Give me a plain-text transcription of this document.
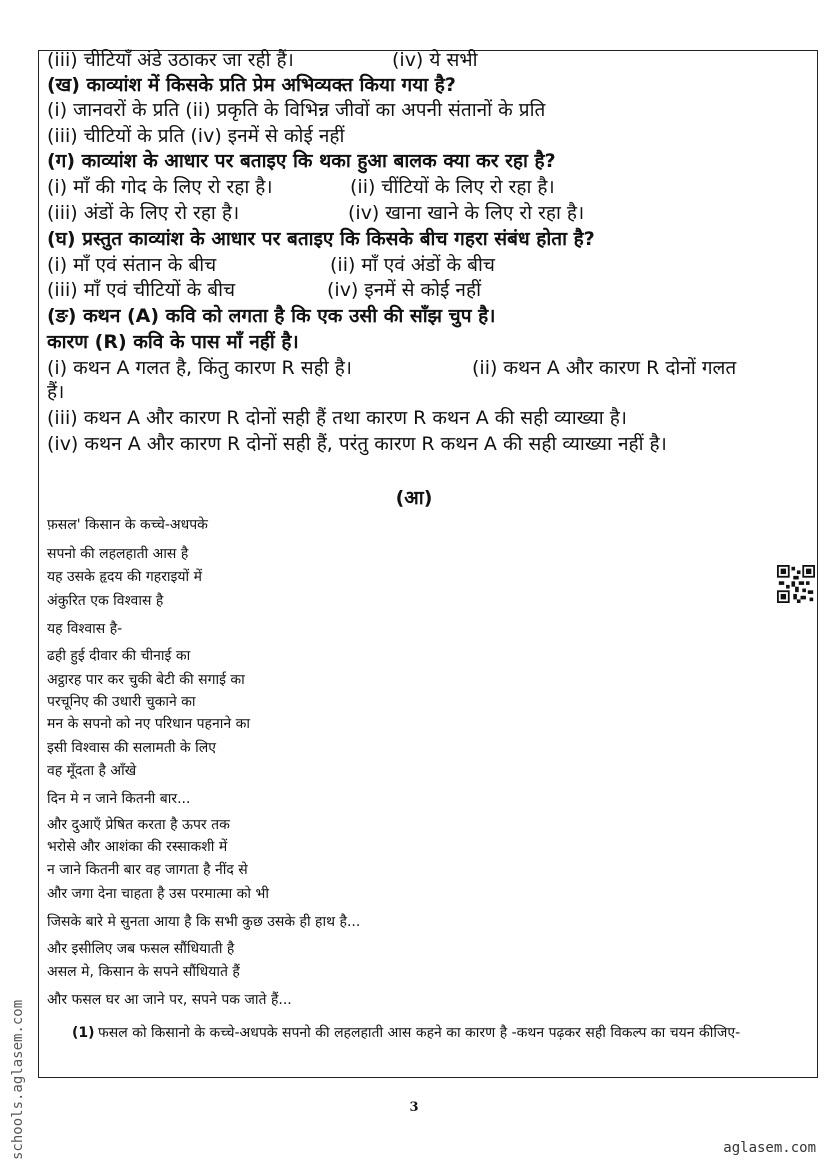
(iii) चीटियाँ अंडे उठाकर जा रही हैं।	(iv) ये सभी
(ख) काव्यांश में किसके प्रति प्रेम अभिव्यक्त किया गया है?
(i) जानवरों के प्रति (ii) प्रकृति के विभिन्न जीवों का अपनी संतानों के प्रति
(iii) चीटियों के प्रति (iv) इनमें से कोई नहीं
(ग) काव्यांश के आधार पर बताइए कि थका हुआ बालक क्या कर रहा है?
(i) माँ की गोद के लिए रो रहा है।	(ii) चींटियों के लिए रो रहा है।
(iii) अंडों के लिए रो रहा है।	(iv) खाना खाने के लिए रो रहा है।
(घ) प्रस्तुत काव्यांश के आधार पर बताइए कि किसके बीच गहरा संबंध होता है?
(i) माँ एवं संतान के बीच	(ii) माँ एवं अंडों के बीच
(iii) माँ एवं चीटियों के बीच	(iv) इनमें से कोई नहीं
(ङ) कथन (A) कवि को लगता है कि एक उसी की साँझ चुप है।
कारण (R) कवि के पास माँ नहीं है।
(i) कथन A गलत है, किंतु कारण R सही है।	(ii) कथन A और कारण R दोनों गलत
हैं।
(iii) कथन A और कारण R दोनों सही हैं तथा कारण R कथन A की सही व्याख्या है।
(iv) कथन A और कारण R दोनों सही हैं, परंतु कारण R कथन A की सही व्याख्या नहीं है।
(आ)
फ़सल' किसान के कच्चे-अधपके
सपनो की लहलहाती आस है
यह उसके हृदय की गहराइयों में
अंकुरित एक विश्वास है
यह विश्वास है-
ढही हुई दीवार की चीनाई का
अट्ठारह पार कर चुकी बेटी की सगाई का
परचूनिए की उधारी चुकाने का
मन के सपनो को नए परिधान पहनाने का
इसी विश्वास की सलामती के लिए
वह मूँदता है आँखे
दिन मे न जाने कितनी बार...
और दुआएँ प्रेषित करता है ऊपर तक
भरोसे और आशंका की रस्साकशी में
न जाने कितनी बार वह जागता है नींद से
और जगा देना चाहता है उस परमात्मा को भी
जिसके बारे मे सुनता आया है कि सभी कुछ उसके ही हाथ है...
और इसीलिए जब फसल सौंधियाती है
असल मे, किसान के सपने सौंधियाते हैं
और फसल घर आ जाने पर, सपने पक जाते हैं...
(1) फसल को किसानो के कच्चे-अधपके सपनो की लहलहाती आस कहने का कारण है -कथन पढ़कर सही विकल्प का चयन कीजिए-
3
schools.aglasem.com	aglasem.com
